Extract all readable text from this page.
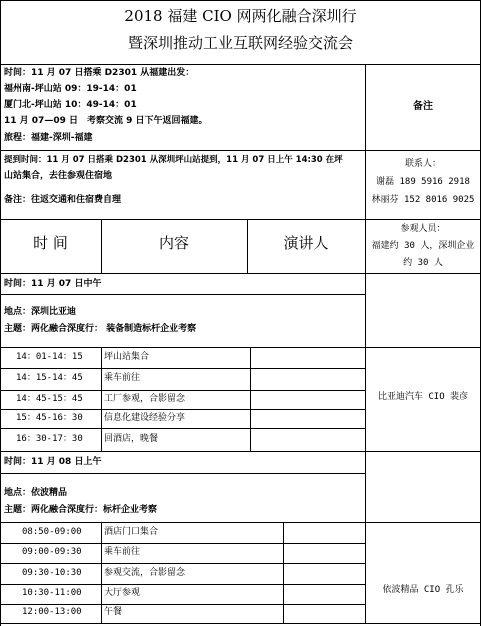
2018 福建 CIO 网两化融合深圳行
暨深圳推动工业互联网经验交流会
时间：11 月 07 日搭乘 D2301 从福建出发：
福州南-坪山站 09：19-14：01
厦门北-坪山站 10：49-14：01
11 月 07—09 日　考察交流 9 日下午返回福建。
旅程：福建-深圳-福建
备注
提到时间：11 月 07 日搭乘 D2301 从深圳坪山站提到，11 月 07 日上午 14:30 在坪
山站集合，去往参观住宿地
备注：往返交通和住宿费自理
联系人：
谢磊 189 5916 2918
林丽芬 152 8016 9025
时 间	内容	演讲人
参观人员：
福建约 30 人，深圳企业
约 30 人
时间：11 月 07 日中午
地点：深圳比亚迪
主题：两化融合深度行： 装备制造标杆企业考察
14：01-14：15 坪山站集合
14：15-14：45 乘车前往
14：45-15：45 工厂参观，合影留念
15：45-16：30 信息化建设经验分享
16：30-17：30 回酒店，晚餐
比亚迪汽车 CIO 裴彦
时间：11 月 08 日上午
地点：依波精品
主题：两化融合深度行：标杆企业考察
08:50-09:00 酒店门口集合
09:00-09:30 乘车前往
09:30-10:30 参观交流，合影留念
10:30-11:00 大厅参观
12:00-13:00 午餐
依波精品 CIO 孔乐
